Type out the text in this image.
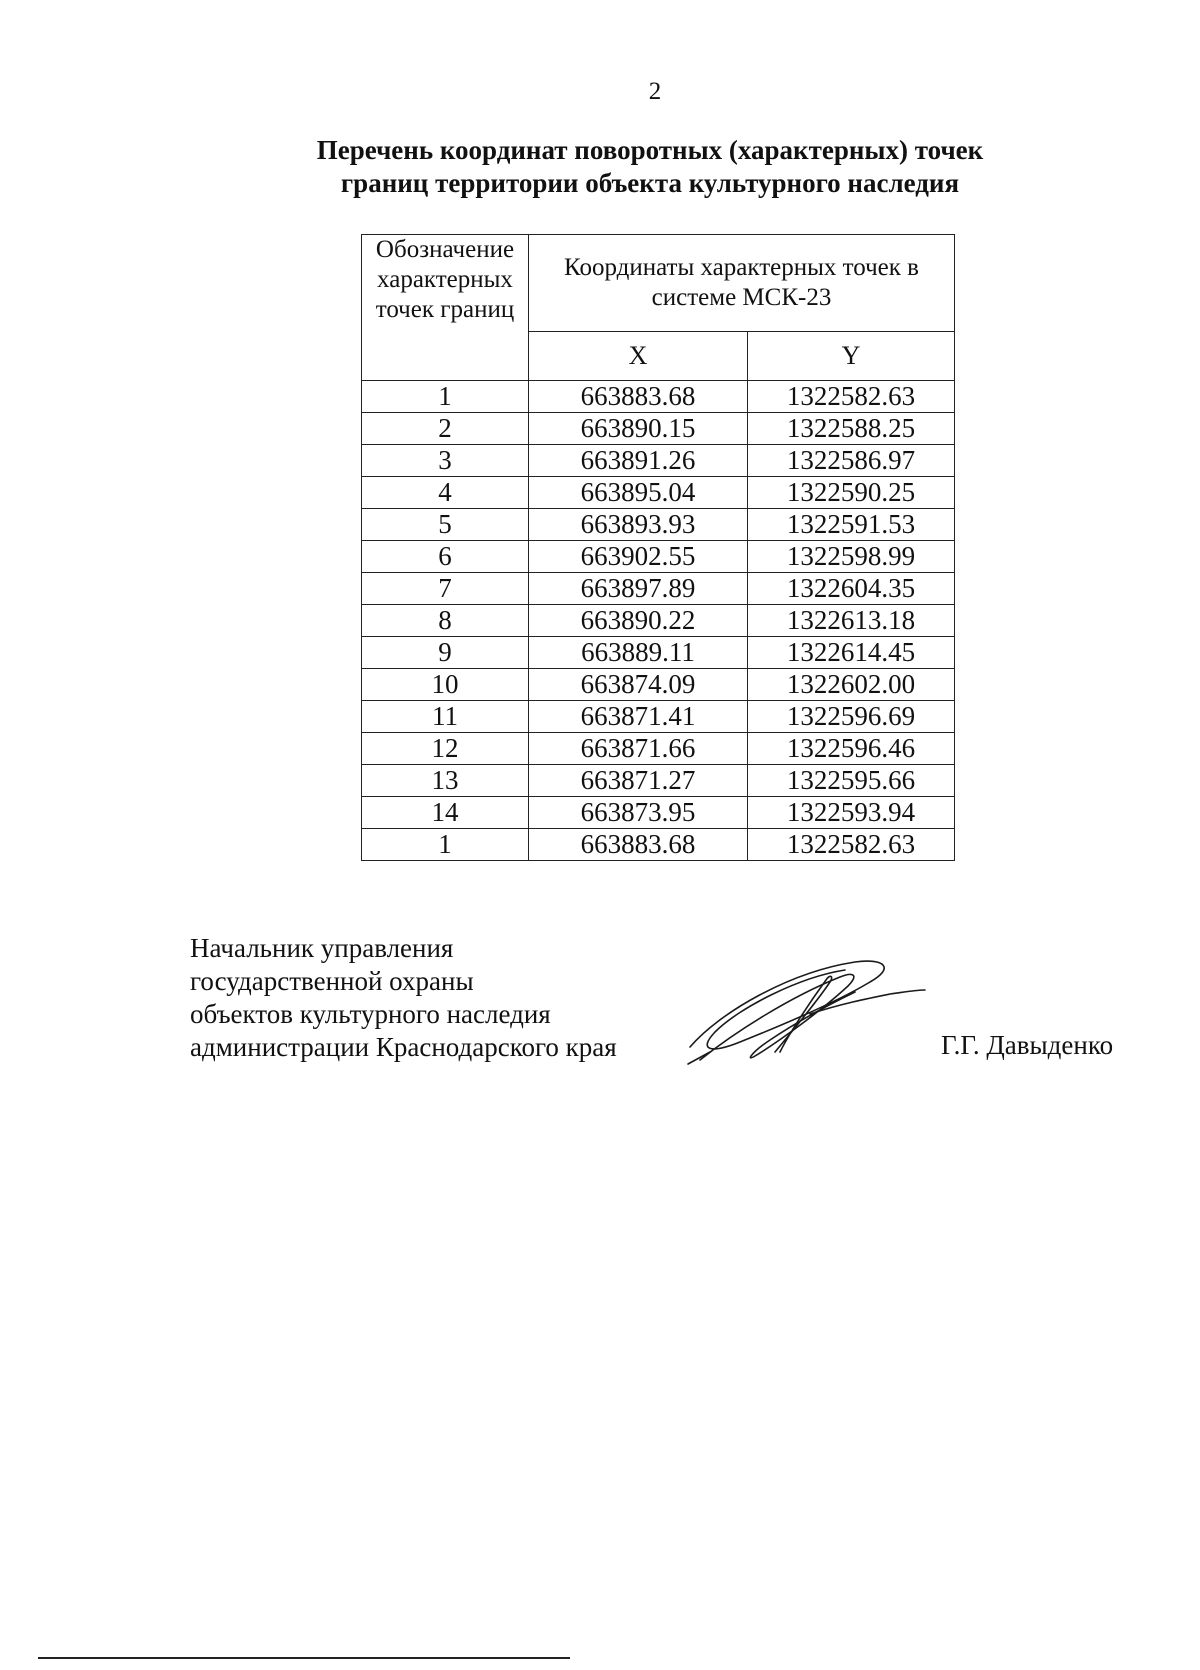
2
Перечень координат поворотных (характерных) точек
границ территории объекта культурного наследия
Обозначение
характерных
точек границ	Координаты характерных точек в
системе МСК-23	
	X	Y
1	663883.68	1322582.63
2	663890.15	1322588.25
3	663891.26	1322586.97
4	663895.04	1322590.25
5	663893.93	1322591.53
6	663902.55	1322598.99
7	663897.89	1322604.35
8	663890.22	1322613.18
9	663889.11	1322614.45
10	663874.09	1322602.00
11	663871.41	1322596.69
12	663871.66	1322596.46
13	663871.27	1322595.66
14	663873.95	1322593.94
1	663883.68	1322582.63
Начальник управления
государственной охраны
объектов культурного наследия
администрации Краснодарского края	Г.Г. Давыденко
